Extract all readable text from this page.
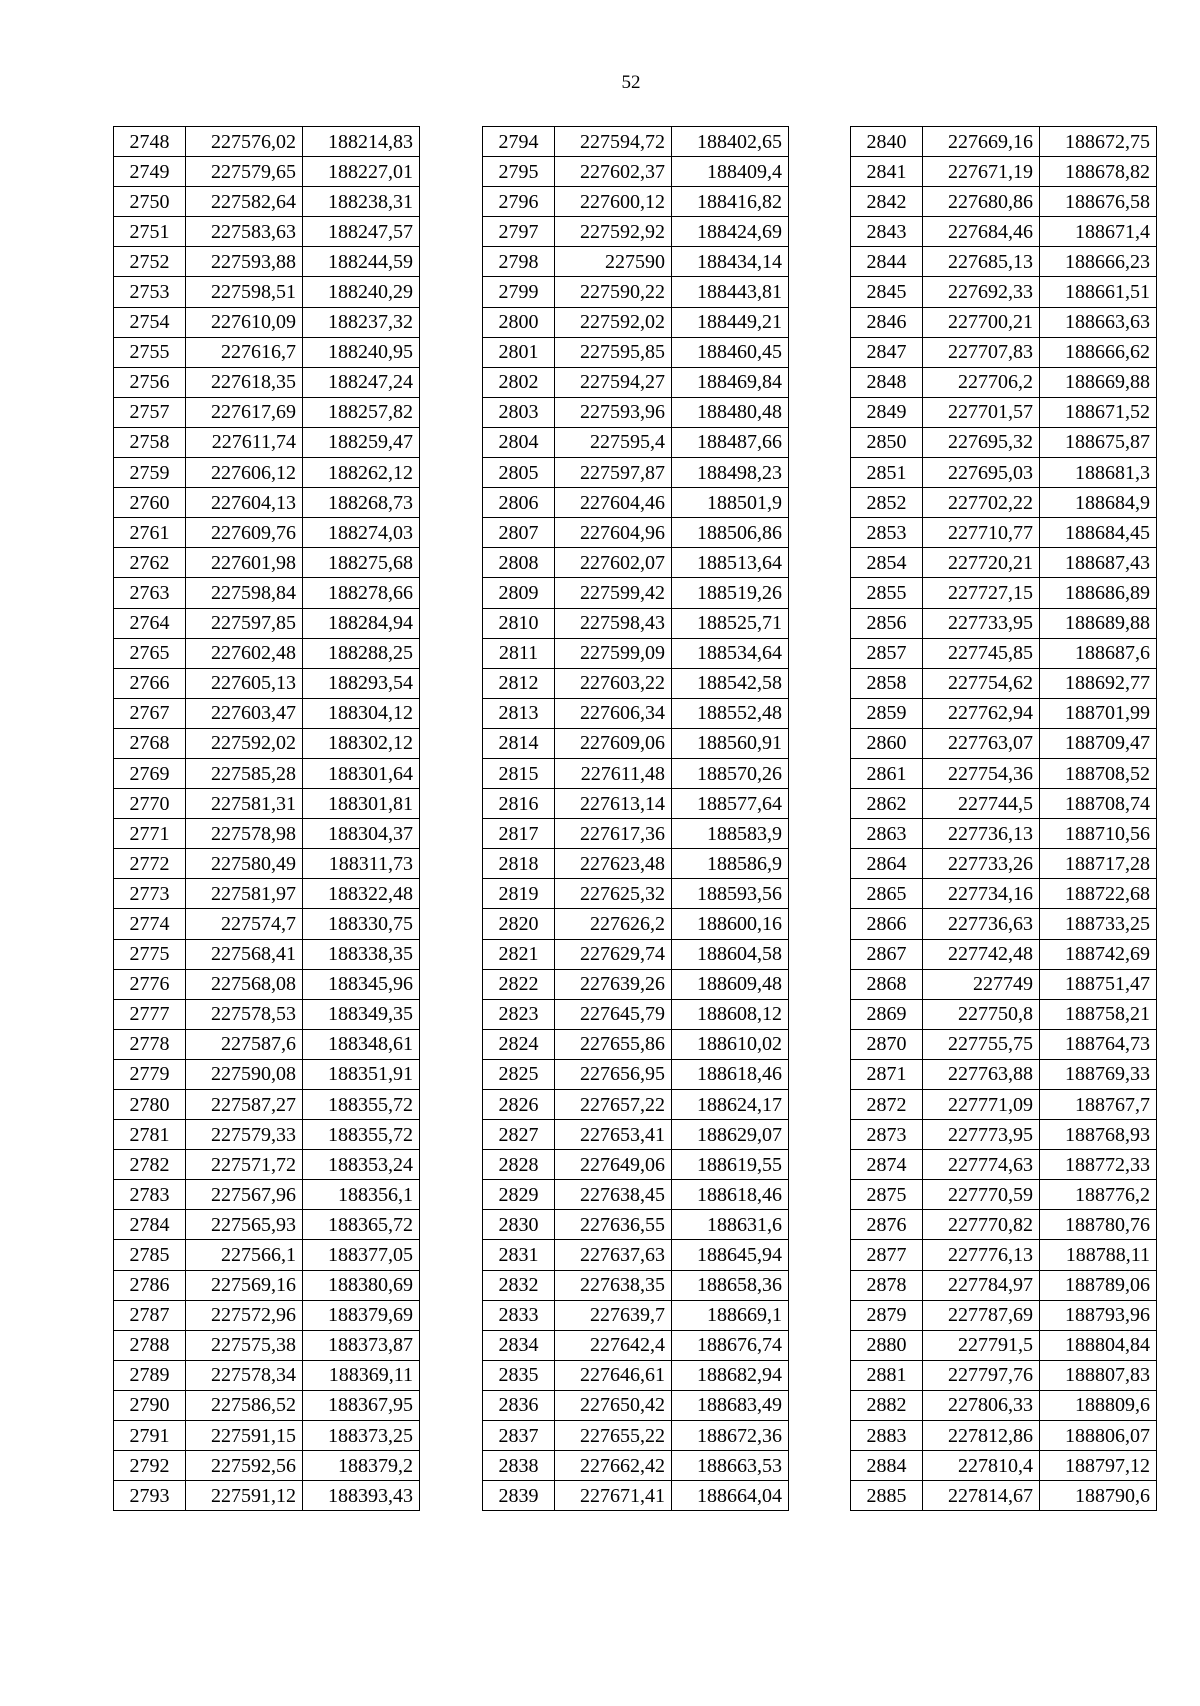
52
2748	227576,02	188214,83
2749	227579,65	188227,01
2750	227582,64	188238,31
2751	227583,63	188247,57
2752	227593,88	188244,59
2753	227598,51	188240,29
2754	227610,09	188237,32
2755	227616,7	188240,95
2756	227618,35	188247,24
2757	227617,69	188257,82
2758	227611,74	188259,47
2759	227606,12	188262,12
2760	227604,13	188268,73
2761	227609,76	188274,03
2762	227601,98	188275,68
2763	227598,84	188278,66
2764	227597,85	188284,94
2765	227602,48	188288,25
2766	227605,13	188293,54
2767	227603,47	188304,12
2768	227592,02	188302,12
2769	227585,28	188301,64
2770	227581,31	188301,81
2771	227578,98	188304,37
2772	227580,49	188311,73
2773	227581,97	188322,48
2774	227574,7	188330,75
2775	227568,41	188338,35
2776	227568,08	188345,96
2777	227578,53	188349,35
2778	227587,6	188348,61
2779	227590,08	188351,91
2780	227587,27	188355,72
2781	227579,33	188355,72
2782	227571,72	188353,24
2783	227567,96	188356,1
2784	227565,93	188365,72
2785	227566,1	188377,05
2786	227569,16	188380,69
2787	227572,96	188379,69
2788	227575,38	188373,87
2789	227578,34	188369,11
2790	227586,52	188367,95
2791	227591,15	188373,25
2792	227592,56	188379,2
2793	227591,12	188393,43
2794	227594,72	188402,65
2795	227602,37	188409,4
2796	227600,12	188416,82
2797	227592,92	188424,69
2798	227590	188434,14
2799	227590,22	188443,81
2800	227592,02	188449,21
2801	227595,85	188460,45
2802	227594,27	188469,84
2803	227593,96	188480,48
2804	227595,4	188487,66
2805	227597,87	188498,23
2806	227604,46	188501,9
2807	227604,96	188506,86
2808	227602,07	188513,64
2809	227599,42	188519,26
2810	227598,43	188525,71
2811	227599,09	188534,64
2812	227603,22	188542,58
2813	227606,34	188552,48
2814	227609,06	188560,91
2815	227611,48	188570,26
2816	227613,14	188577,64
2817	227617,36	188583,9
2818	227623,48	188586,9
2819	227625,32	188593,56
2820	227626,2	188600,16
2821	227629,74	188604,58
2822	227639,26	188609,48
2823	227645,79	188608,12
2824	227655,86	188610,02
2825	227656,95	188618,46
2826	227657,22	188624,17
2827	227653,41	188629,07
2828	227649,06	188619,55
2829	227638,45	188618,46
2830	227636,55	188631,6
2831	227637,63	188645,94
2832	227638,35	188658,36
2833	227639,7	188669,1
2834	227642,4	188676,74
2835	227646,61	188682,94
2836	227650,42	188683,49
2837	227655,22	188672,36
2838	227662,42	188663,53
2839	227671,41	188664,04
2840	227669,16	188672,75
2841	227671,19	188678,82
2842	227680,86	188676,58
2843	227684,46	188671,4
2844	227685,13	188666,23
2845	227692,33	188661,51
2846	227700,21	188663,63
2847	227707,83	188666,62
2848	227706,2	188669,88
2849	227701,57	188671,52
2850	227695,32	188675,87
2851	227695,03	188681,3
2852	227702,22	188684,9
2853	227710,77	188684,45
2854	227720,21	188687,43
2855	227727,15	188686,89
2856	227733,95	188689,88
2857	227745,85	188687,6
2858	227754,62	188692,77
2859	227762,94	188701,99
2860	227763,07	188709,47
2861	227754,36	188708,52
2862	227744,5	188708,74
2863	227736,13	188710,56
2864	227733,26	188717,28
2865	227734,16	188722,68
2866	227736,63	188733,25
2867	227742,48	188742,69
2868	227749	188751,47
2869	227750,8	188758,21
2870	227755,75	188764,73
2871	227763,88	188769,33
2872	227771,09	188767,7
2873	227773,95	188768,93
2874	227774,63	188772,33
2875	227770,59	188776,2
2876	227770,82	188780,76
2877	227776,13	188788,11
2878	227784,97	188789,06
2879	227787,69	188793,96
2880	227791,5	188804,84
2881	227797,76	188807,83
2882	227806,33	188809,6
2883	227812,86	188806,07
2884	227810,4	188797,12
2885	227814,67	188790,6
